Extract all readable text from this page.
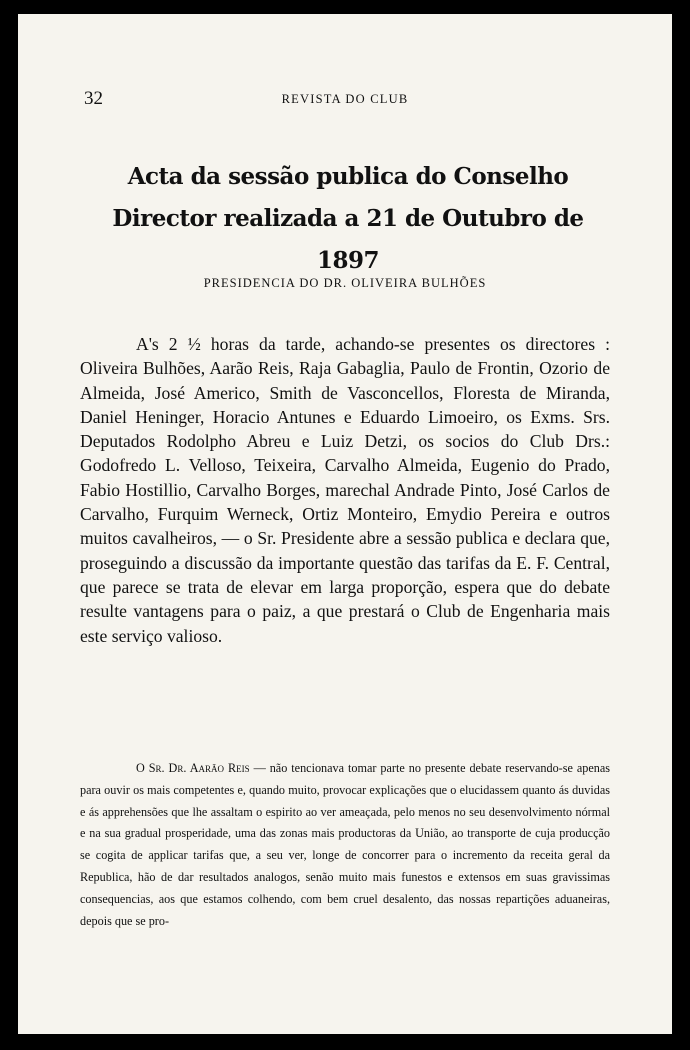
32	REVISTA DO CLUB
Acta da sessão publica do Conselho Director realizada a 21 de Outubro de 1897
PRESIDENCIA DO DR. OLIVEIRA BULHÕES

A's 2 ½ horas da tarde, achando-se presentes os directores : Oliveira Bulhões, Aarão Reis, Raja Gabaglia, Paulo de Frontin, Ozorio de Almeida, José Americo, Smith de Vasconcellos, Floresta de Miranda, Daniel Heninger, Horacio Antunes e Eduardo Limoeiro, os Exms. Srs. Deputados Rodolpho Abreu e Luiz Detzi, os socios do Club Drs.: Godofredo L. Velloso, Teixeira, Carvalho Almeida, Eugenio do Prado, Fabio Hostillio, Carvalho Borges, marechal Andrade Pinto, José Carlos de Carvalho, Furquim Werneck, Ortiz Monteiro, Emydio Pereira e outros muitos cavalheiros, — o Sr. Presidente abre a sessão publica e declara que, proseguindo a discussão da importante questão das tarifas da E. F. Central, que parece se trata de elevar em larga proporção, espera que do debate resulte vantagens para o paiz, a que prestará o Club de Engenharia mais este serviço valioso.

O Sr. Dr. Aarão Reis — não tencionava tomar parte no presente debate reservando-se apenas para ouvir os mais competentes e, quando muito, provocar explicações que o elucidassem quanto ás duvidas e ás apprehensões que lhe assaltam o espirito ao ver ameaçada, pelo menos no seu desenvolvimento nórmal e na sua gradual prosperidade, uma das zonas mais productoras da União, ao transporte de cuja producção se cogita de applicar tarifas que, a seu ver, longe de concorrer para o incremento da receita geral da Republica, hão de dar resultados analogos, senão muito mais funestos e extensos em suas gravissimas consequencias, aos que estamos colhendo, com bem cruel desalento, das nossas repartições aduaneiras, depois que se pro-
